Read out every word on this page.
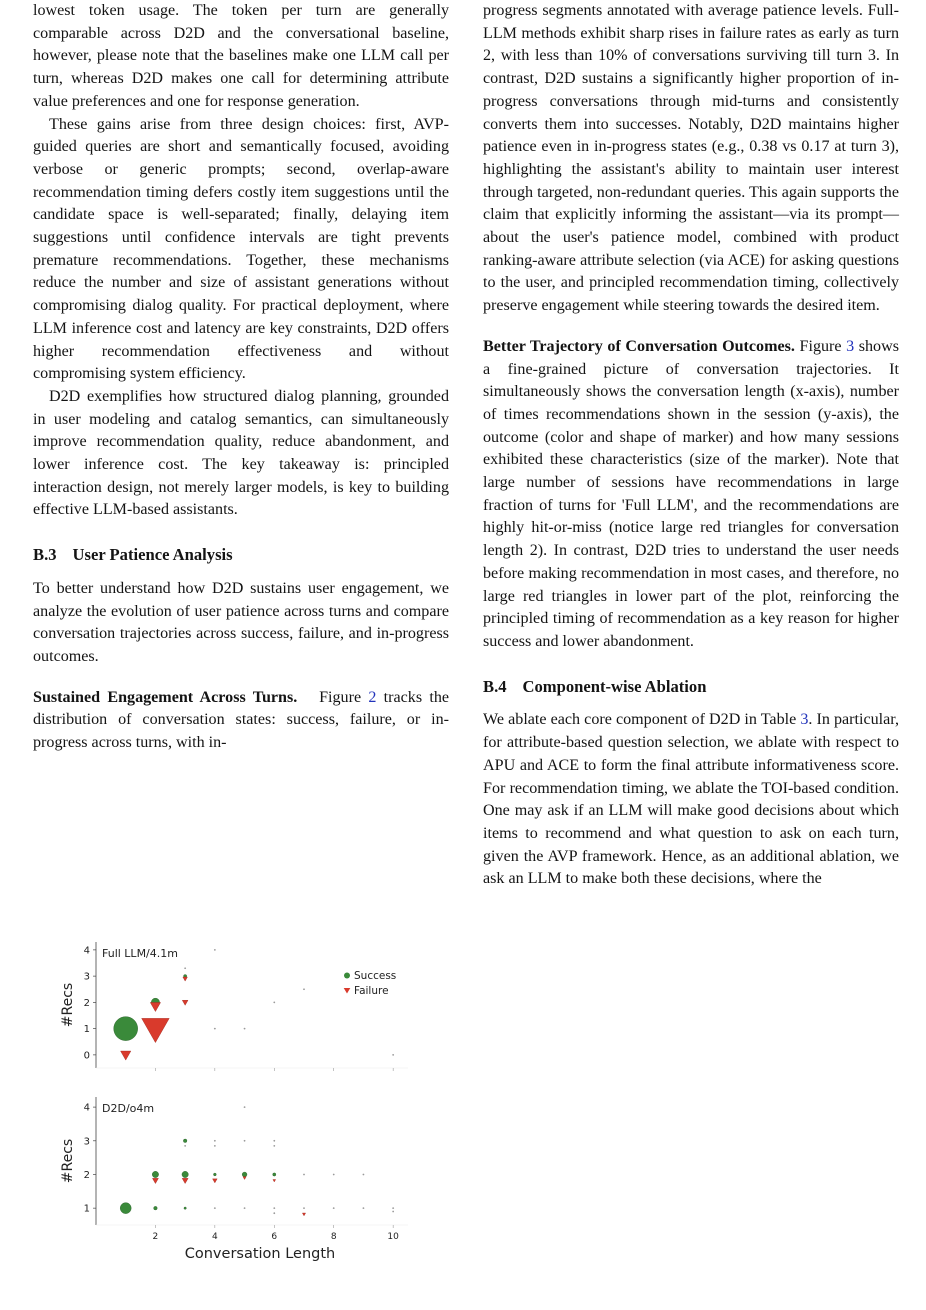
lowest token usage. The token per turn are generally comparable across D2D and the conversational baseline, however, please note that the baselines make one LLM call per turn, whereas D2D makes one call for determining attribute value preferences and one for response generation.

These gains arise from three design choices: first, AVP-guided queries are short and semantically focused, avoiding verbose or generic prompts; second, overlap-aware recommendation timing defers costly item suggestions until the candidate space is well-separated; finally, delaying item suggestions until confidence intervals are tight prevents premature recommendations. Together, these mechanisms reduce the number and size of assistant generations without compromising dialog quality. For practical deployment, where LLM inference cost and latency are key constraints, D2D offers higher recommendation effectiveness and without compromising system efficiency.

D2D exemplifies how structured dialog planning, grounded in user modeling and catalog semantics, can simultaneously improve recommendation quality, reduce abandonment, and lower inference cost. The key takeaway is: principled interaction design, not merely larger models, is key to building effective LLM-based assistants.

B.3 User Patience Analysis

To better understand how D2D sustains user engagement, we analyze the evolution of user patience across turns and compare conversation trajectories across success, failure, and in-progress outcomes.

Sustained Engagement Across Turns. Figure 2 tracks the distribution of conversation states: success, failure, or in-progress across turns, with in-

progress segments annotated with average patience levels. Full-LLM methods exhibit sharp rises in failure rates as early as turn 2, with less than 10% of conversations surviving till turn 3. In contrast, D2D sustains a significantly higher proportion of in-progress conversations through mid-turns and consistently converts them into successes. Notably, D2D maintains higher patience even in in-progress states (e.g., 0.38 vs 0.17 at turn 3), highlighting the assistant's ability to maintain user interest through targeted, non-redundant queries. This again supports the claim that explicitly informing the assistant—via its prompt—about the user's patience model, combined with product ranking-aware attribute selection (via ACE) for asking questions to the user, and principled recommendation timing, collectively preserve engagement while steering towards the desired item.

Better Trajectory of Conversation Outcomes. Figure 3 shows a fine-grained picture of conversation trajectories. It simultaneously shows the conversation length (x-axis), number of times recommendations shown in the session (y-axis), the outcome (color and shape of marker) and how many sessions exhibited these characteristics (size of the marker). Note that large number of sessions have recommendations in large fraction of turns for 'Full LLM', and the recommendations are highly hit-or-miss (notice large red triangles for conversation length 2). In contrast, D2D tries to understand the user needs before making recommendation in most cases, and therefore, no large red triangles in lower part of the plot, reinforcing the principled timing of recommendation as a key reason for higher success and lower abandonment.

B.4 Component-wise Ablation

We ablate each core component of D2D in Table 3. In particular, for attribute-based question selection, we ablate with respect to APU and ACE to form the final attribute informativeness score. For recommendation timing, we ablate the TOI-based condition. One may ask if an LLM will make good decisions about which items to recommend and what question to ask on each turn, given the AVP framework. Hence, as an additional ablation, we ask an LLM to make both these decisions, where the

0
1
2
3
4
#Recs
Full LLM/4.1m
Success
Failure
1
2
3
4
2	4	6	8	10
#Recs
D2D/o4m
Conversation Length
